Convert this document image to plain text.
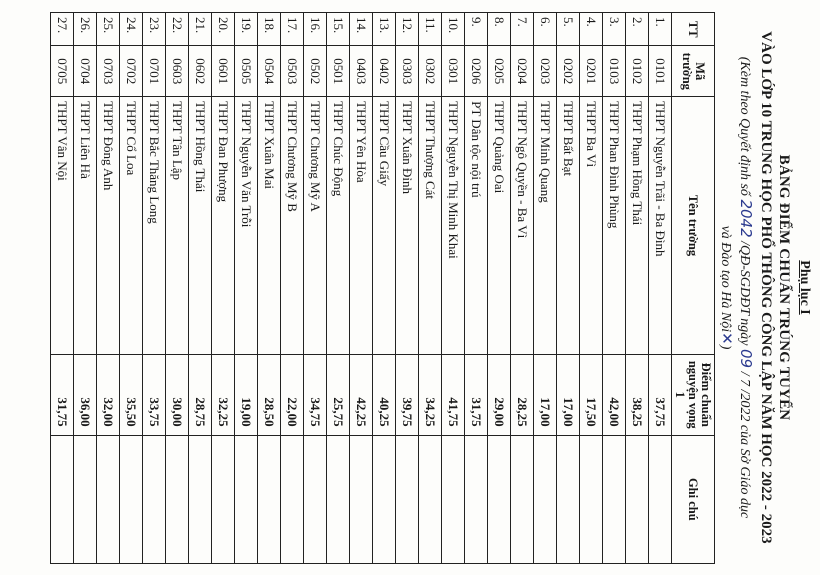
Phụ lục I
BẢNG ĐIỂM CHUẨN TRÚNG TUYỂN
VÀO LỚP 10 TRUNG HỌC PHỔ THÔNG CÔNG LẬP NĂM HỌC 2022 - 2023
(Kèm theo Quyết định số 2042 /QĐ-SGDĐT ngày 09 / 7 /2022 của Sở Giáo dục
và Đào tạo Hà Nội✕)
TT	Mã trường	Tên trường	Điểm chuẩn nguyện vọng 1	Ghi chú
1.	0101	THPT Nguyễn Trãi - Ba Đình	37,75	
2.	0102	THPT Phạm Hồng Thái	38,25	
3.	0103	THPT Phan Đình Phùng	42,00	
4.	0201	THPT Ba Vì	17,50	
5.	0202	THPT Bất Bạt	17,00	
6.	0203	THPT Minh Quang	17,00	
7.	0204	THPT Ngô Quyền - Ba Vì	28,25	
8.	0205	THPT Quảng Oai	29,00	
9.	0206	PT Dân tộc nội trú	31,75	
10.	0301	THPT Nguyễn Thị Minh Khai	41,75	
11.	0302	THPT Thượng Cát	34,25	
12.	0303	THPT Xuân Đỉnh	39,75	
13.	0402	THPT Cầu Giấy	40,25	
14.	0403	THPT Yên Hòa	42,25	
15.	0501	THPT Chúc Động	25,75	
16.	0502	THPT Chương Mỹ A	34,75	
17.	0503	THPT Chương Mỹ B	22,00	
18.	0504	THPT Xuân Mai	28,50	
19.	0505	THPT Nguyễn Văn Trỗi	19,00	
20.	0601	THPT Đan Phượng	32,25	
21.	0602	THPT Hồng Thái	28,75	
22.	0603	THPT Tân Lập	30,00	
23.	0701	THPT Bắc Thăng Long	33,75	
24.	0702	THPT Cổ Loa	35,50	
25.	0703	THPT Đông Anh	32,00	
26.	0704	THPT Liên Hà	36,00	
27.	0705	THPT Vân Nội	31,75	
